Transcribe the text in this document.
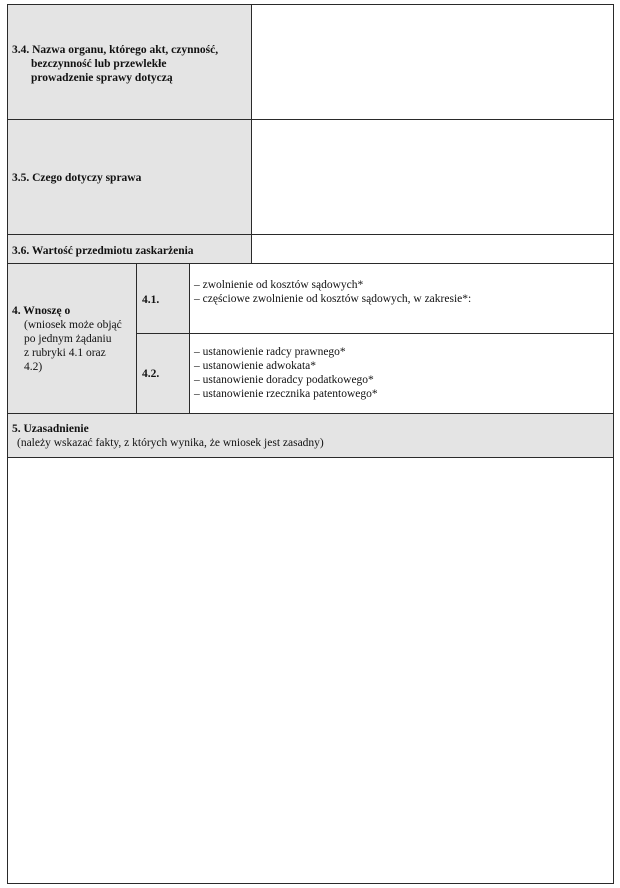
3.4. Nazwa organu, którego akt, czynność,
bezczynność lub przewlekłe
prowadzenie sprawy dotyczą
3.5. Czego dotyczy sprawa
3.6. Wartość przedmiotu zaskarżenia
4. Wnoszę o
(wniosek może objąć
po jednym żądaniu
z rubryki 4.1 oraz
4.2)
4.1.
– zwolnienie od kosztów sądowych*
– częściowe zwolnienie od kosztów sądowych, w zakresie*:
4.2.
– ustanowienie radcy prawnego*
– ustanowienie adwokata*
– ustanowienie doradcy podatkowego*
– ustanowienie rzecznika patentowego*
5. Uzasadnienie
(należy wskazać fakty, z których wynika, że wniosek jest zasadny)
